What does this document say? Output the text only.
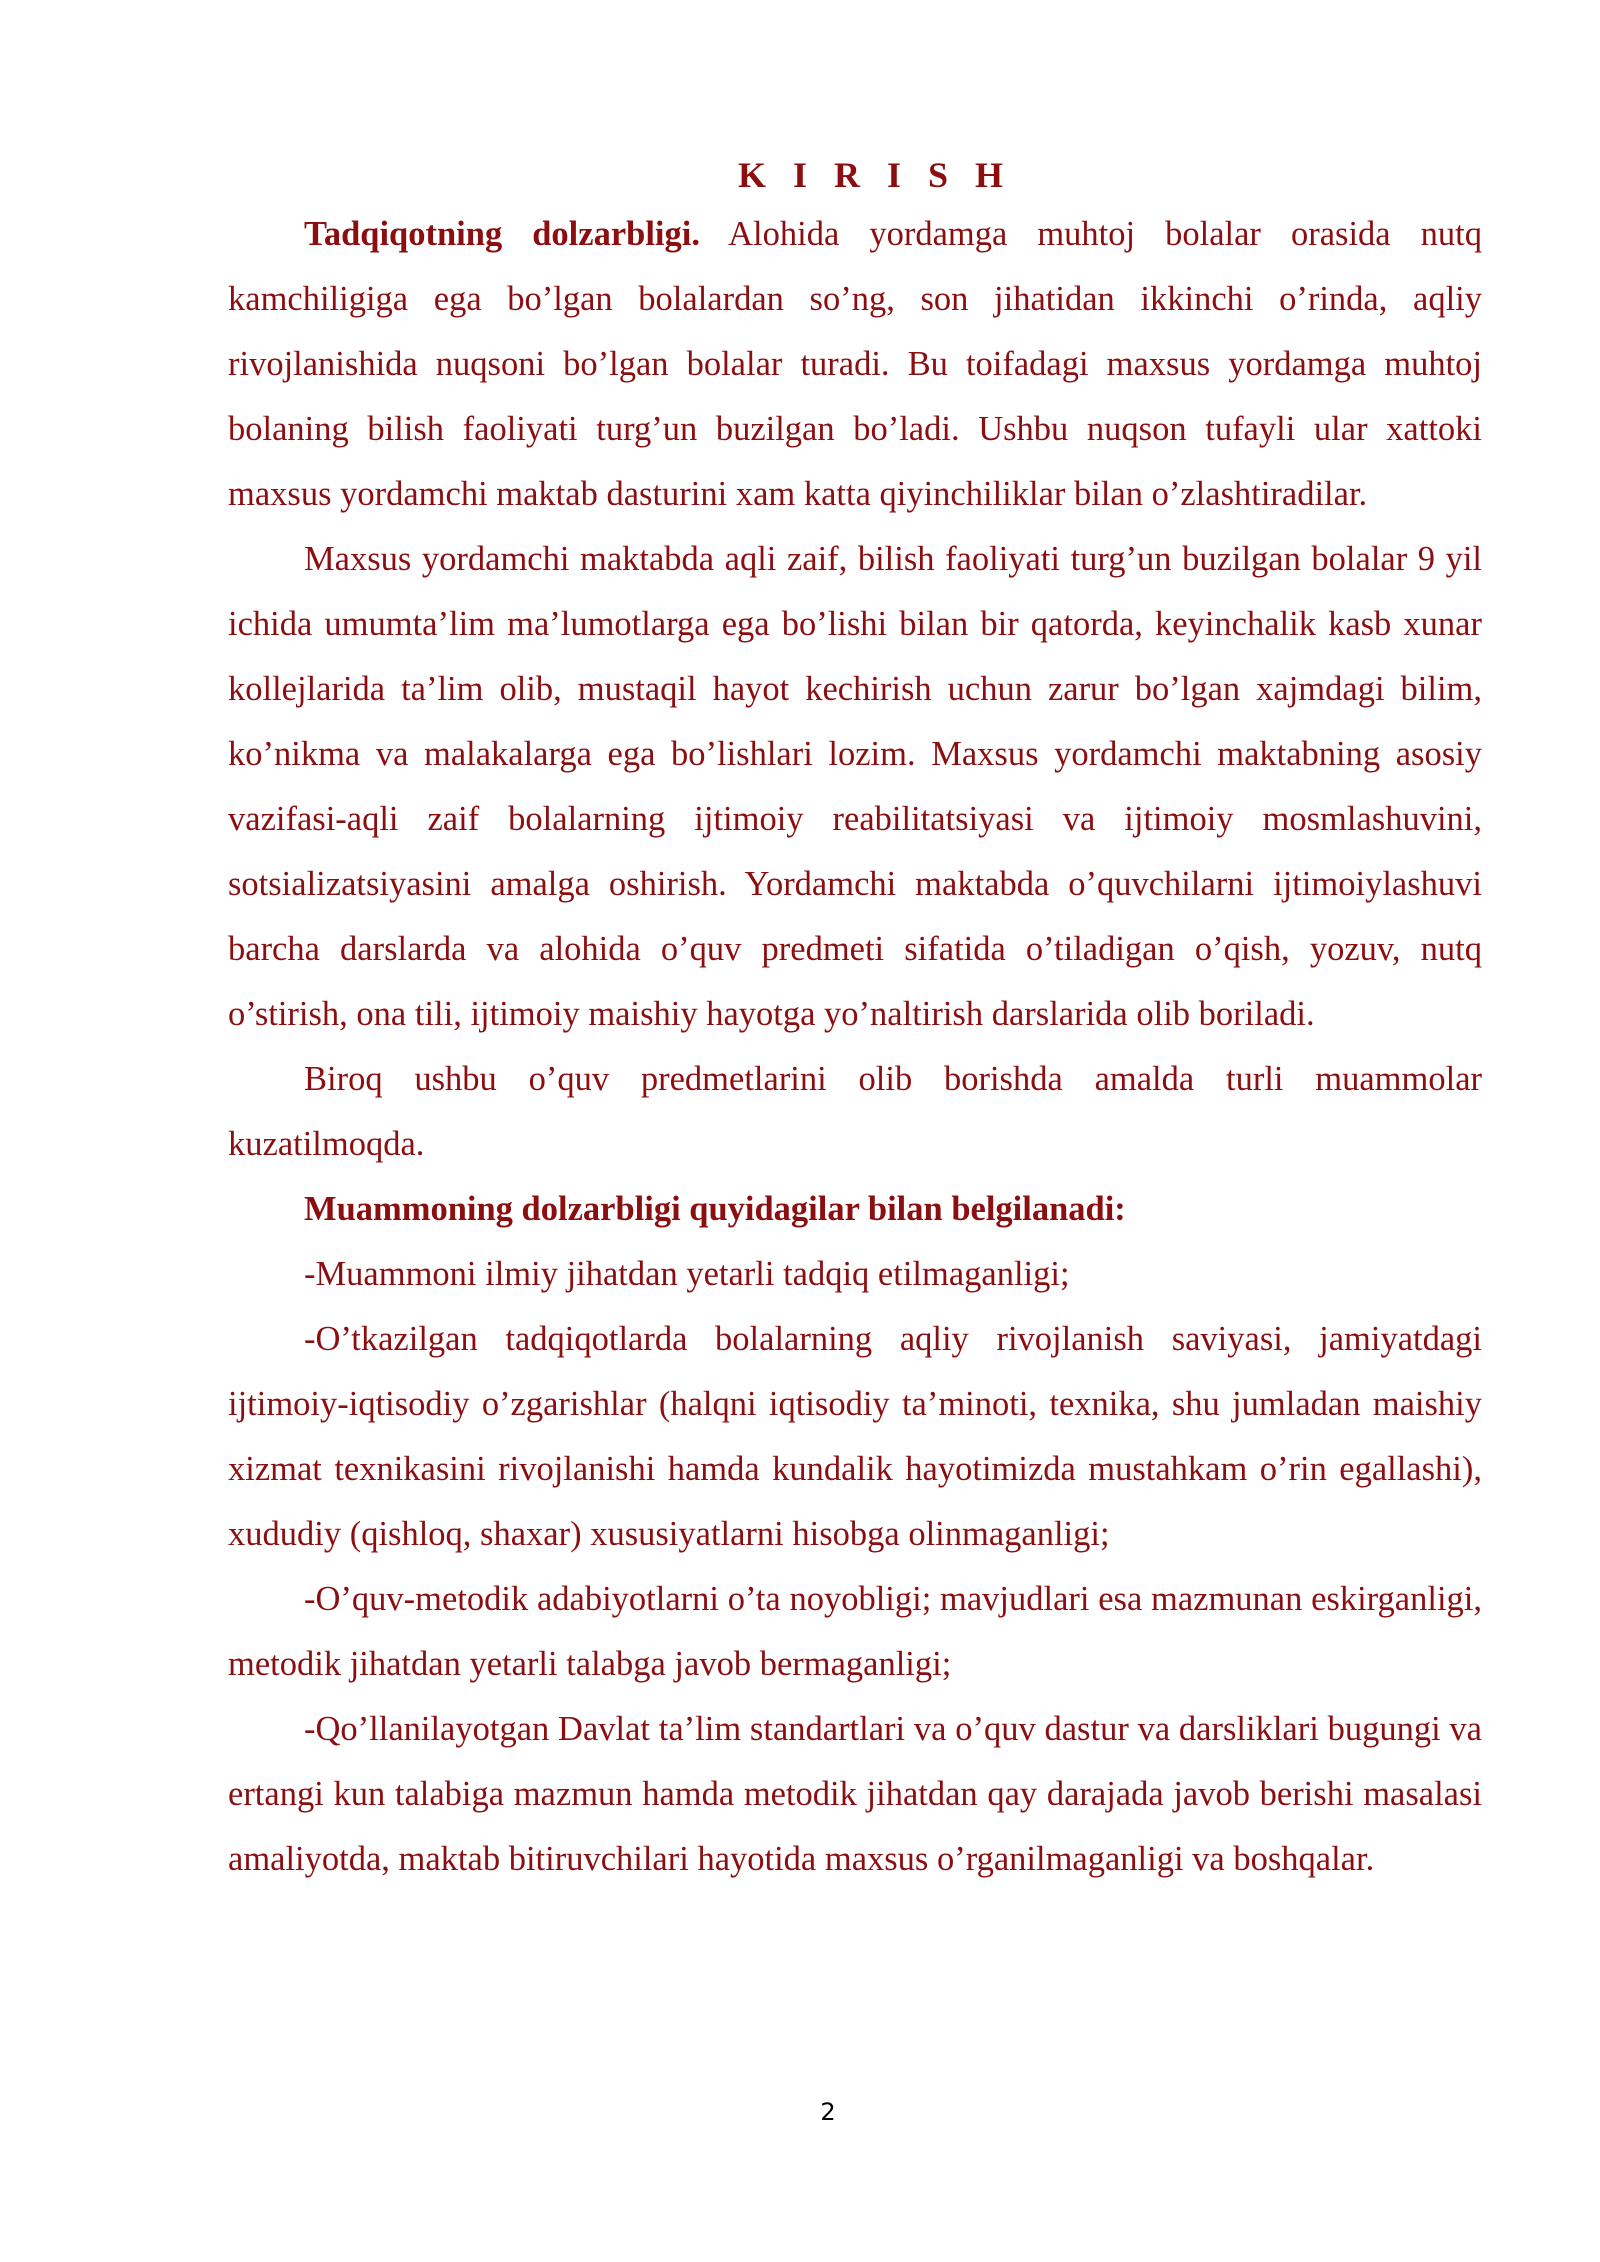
K I R I S H

Tadqiqotning dolzarbligi. Alohida yordamga muhtoj bolalar orasida nutq kamchiligiga ega bo’lgan bolalardan so’ng, son jihatidan ikkinchi o’rinda, aqliy rivojlanishida nuqsoni bo’lgan bolalar turadi. Bu toifadagi maxsus yordamga muhtoj bolaning bilish faoliyati turg’un buzilgan bo’ladi. Ushbu nuqson tufayli ular xattoki maxsus yordamchi maktab dasturini xam katta qiyinchiliklar bilan o’zlashtiradilar.

Maxsus yordamchi maktabda aqli zaif, bilish faoliyati turg’un buzilgan bolalar 9 yil ichida umumta’lim ma’lumotlarga ega bo’lishi bilan bir qatorda, keyinchalik kasb xunar kollejlarida ta’lim olib, mustaqil hayot kechirish uchun zarur bo’lgan xajmdagi bilim, ko’nikma va malakalarga ega bo’lishlari lozim. Maxsus yordamchi maktabning asosiy vazifasi-aqli zaif bolalarning ijtimoiy reabilitatsiyasi va ijtimoiy mosmlashuvini, sotsializatsiyasini amalga oshirish. Yordamchi maktabda o’quvchilarni ijtimoiylashuvi barcha darslarda va alohida o’quv predmeti sifatida o’tiladigan o’qish, yozuv, nutq o’stirish, ona tili, ijtimoiy maishiy hayotga yo’naltirish darslarida olib boriladi.

Biroq ushbu o’quv predmetlarini olib borishda amalda turli muammolar kuzatilmoqda.

Muammoning dolzarbligi quyidagilar bilan belgilanadi:

-Muammoni ilmiy jihatdan yetarli tadqiq etilmaganligi;

-O’tkazilgan tadqiqotlarda bolalarning aqliy rivojlanish saviyasi, jamiyatdagi ijtimoiy-iqtisodiy o’zgarishlar (halqni iqtisodiy ta’minoti, texnika, shu jumladan maishiy xizmat texnikasini rivojlanishi hamda kundalik hayotimizda mustahkam o’rin egallashi), xududiy (qishloq, shaxar) xususiyatlarni hisobga olinmaganligi;

-O’quv-metodik adabiyotlarni o’ta noyobligi; mavjudlari esa mazmunan eskirganligi, metodik jihatdan yetarli talabga javob bermaganligi;

-Qo’llanilayotgan Davlat ta’lim standartlari va o’quv dastur va darsliklari bugungi va ertangi kun talabiga mazmun hamda metodik jihatdan qay darajada javob berishi masalasi amaliyotda, maktab bitiruvchilari hayotida maxsus o’rganilmaganligi va boshqalar.

2
